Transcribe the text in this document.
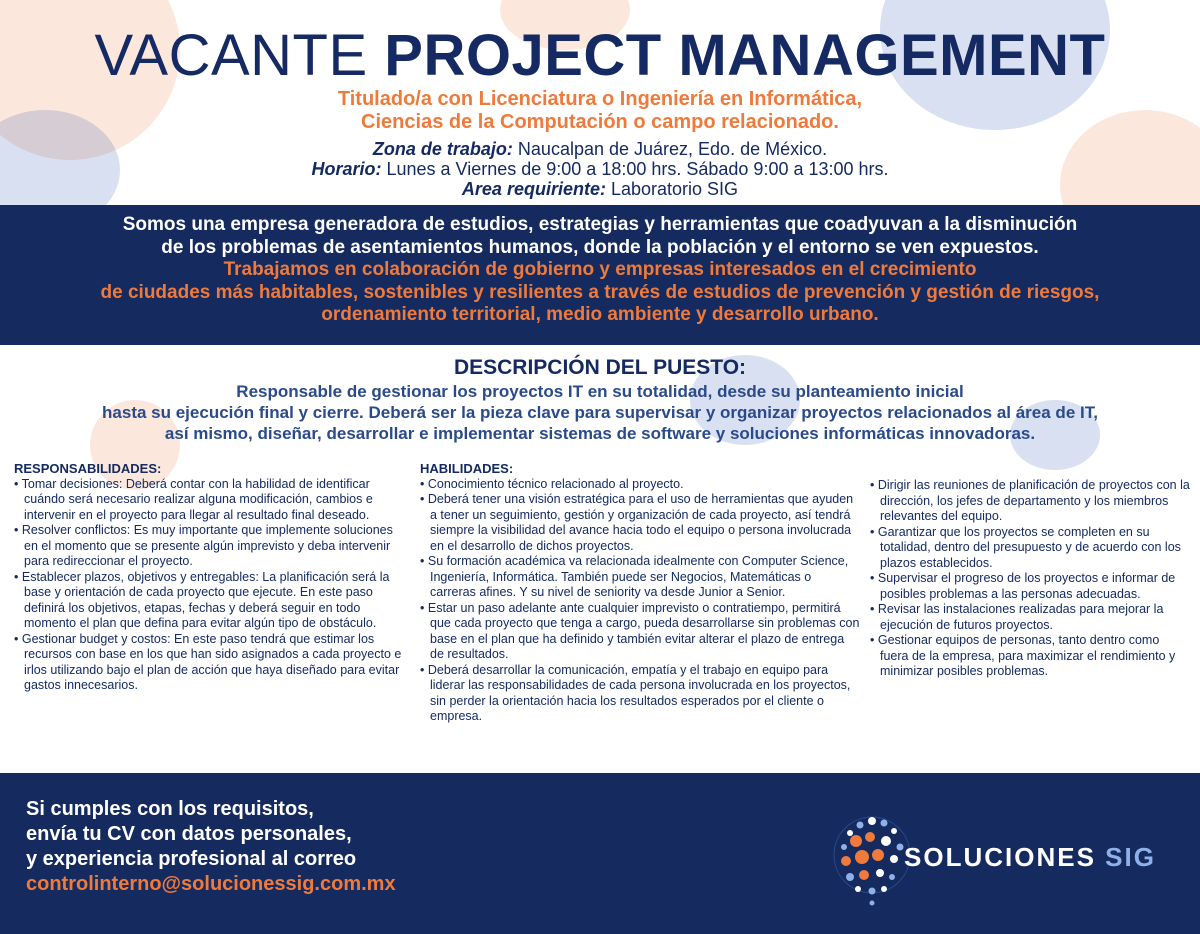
VACANTE PROJECT MANAGEMENT
Titulado/a con Licenciatura o Ingeniería en Informática,
Ciencias de la Computación o campo relacionado.
Zona de trabajo: Naucalpan de Juárez, Edo. de México.
Horario: Lunes a Viernes de 9:00 a 18:00 hrs. Sábado 9:00 a 13:00 hrs.
Area requiriente: Laboratorio SIG
Somos una empresa generadora de estudios, estrategias y herramientas que coadyuvan a la disminución
de los problemas de asentamientos humanos, donde la población y el entorno se ven expuestos.
Trabajamos en colaboración de gobierno y empresas interesados en el crecimiento
de ciudades más habitables, sostenibles y resilientes a través de estudios de prevención y gestión de riesgos,
ordenamiento territorial, medio ambiente y desarrollo urbano.
DESCRIPCIÓN DEL PUESTO:
Responsable de gestionar los proyectos IT en su totalidad, desde su planteamiento inicial
hasta su ejecución final y cierre. Deberá ser la pieza clave para supervisar y organizar proyectos relacionados al área de IT,
así mismo, diseñar, desarrollar e implementar sistemas de software y soluciones informáticas innovadoras.
RESPONSABILIDADES:
• Tomar decisiones: Deberá contar con la habilidad de identificar cuándo será necesario realizar alguna modificación, cambios e intervenir en el proyecto para llegar al resultado final deseado.
• Resolver conflictos: Es muy importante que implemente soluciones en el momento que se presente algún imprevisto y deba intervenir para redireccionar el proyecto.
• Establecer plazos, objetivos y entregables: La planificación será la base y orientación de cada proyecto que ejecute. En este paso definirá los objetivos, etapas, fechas y deberá seguir en todo momento el plan que defina para evitar algún tipo de obstáculo.
• Gestionar budget y costos: En este paso tendrá que estimar los recursos con base en los que han sido asignados a cada proyecto e irlos utilizando bajo el plan de acción que haya diseñado para evitar gastos innecesarios.
HABILIDADES:
• Conocimiento técnico relacionado al proyecto.
• Deberá tener una visión estratégica para el uso de herramientas que ayuden a tener un seguimiento, gestión y organización de cada proyecto, así tendrá siempre la visibilidad del avance hacia todo el equipo o persona involucrada en el desarrollo de dichos proyectos.
• Su formación académica va relacionada idealmente con Computer Science, Ingeniería, Informática. También puede ser Negocios, Matemáticas o carreras afines. Y su nivel de seniority va desde Junior a Senior.
• Estar un paso adelante ante cualquier imprevisto o contratiempo, permitirá que cada proyecto que tenga a cargo, pueda desarrollarse sin problemas con base en el plan que ha definido y también evitar alterar el plazo de entrega de resultados.
• Deberá desarrollar la comunicación, empatía y el trabajo en equipo para liderar las responsabilidades de cada persona involucrada en los proyectos, sin perder la orientación hacia los resultados esperados por el cliente o empresa.
• Dirigir las reuniones de planificación de proyectos con la dirección, los jefes de departamento y los miembros relevantes del equipo.
• Garantizar que los proyectos se completen en su totalidad, dentro del presupuesto y de acuerdo con los plazos establecidos.
• Supervisar el progreso de los proyectos e informar de posibles problemas a las personas adecuadas.
• Revisar las instalaciones realizadas para mejorar la ejecución de futuros proyectos.
• Gestionar equipos de personas, tanto dentro como fuera de la empresa, para maximizar el rendimiento y minimizar posibles problemas.
Si cumples con los requisitos,
envía tu CV con datos personales,
y experiencia profesional al correo
controlinterno@solucionessig.com.mx
SOLUCIONES SIG
